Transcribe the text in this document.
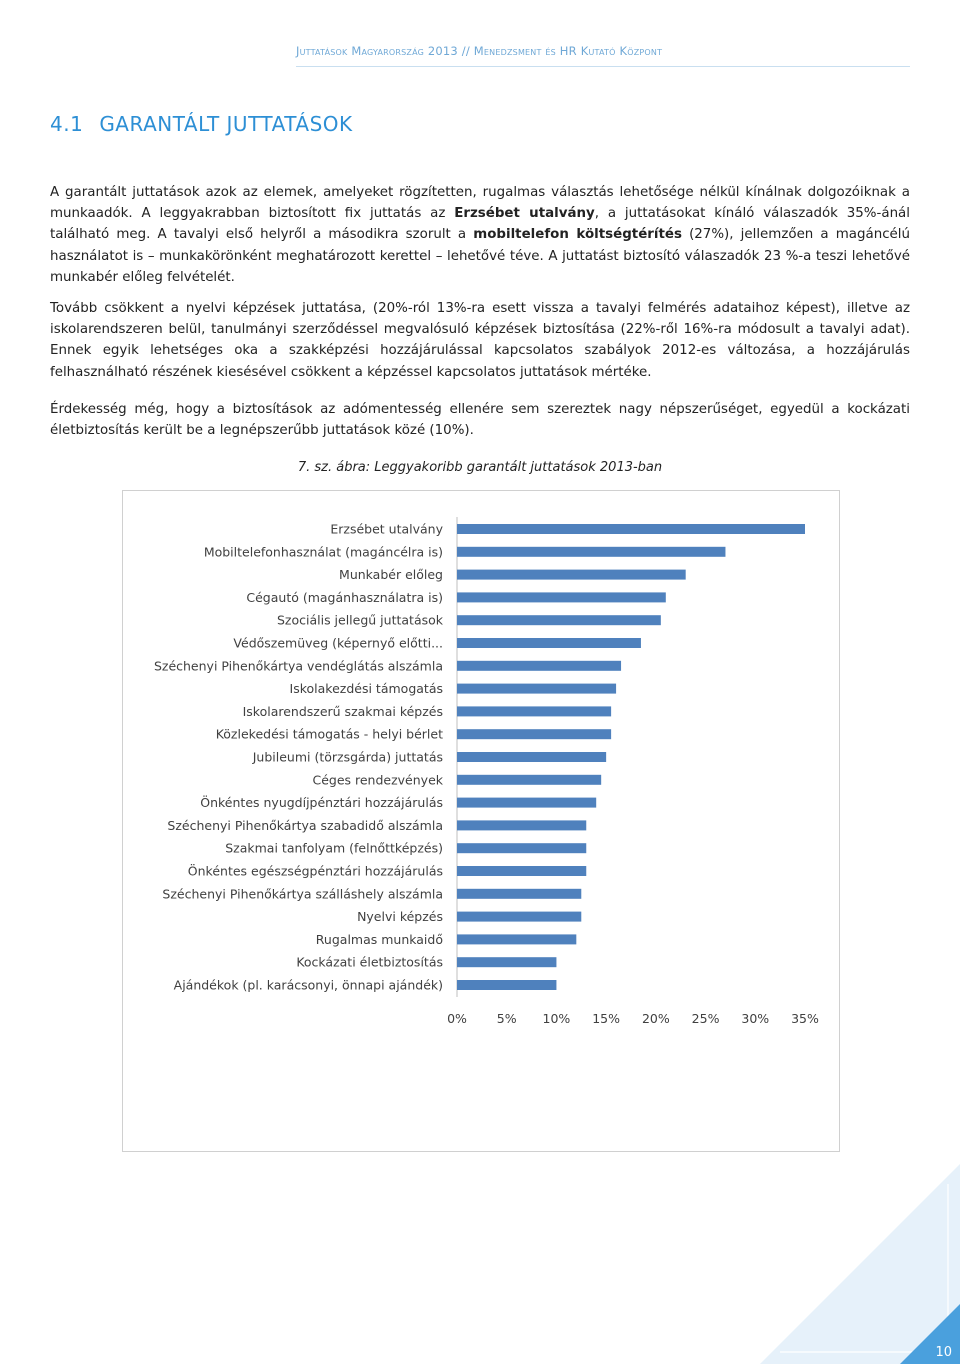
Juttatások Magyarország 2013 // Menedzsment és HR Kutató Központ
4.1 GARANTÁLT JUTTATÁSOK

A garantált juttatások azok az elemek, amelyeket rögzítetten, rugalmas választás lehetősége nélkül kínálnak dolgozóiknak a munkaadók. A leggyakrabban biztosított fix juttatás az Erzsébet utalvány, a juttatásokat kínáló válaszadók 35%-ánál található meg. A tavalyi első helyről a másodikra szorult a mobiltelefon költségtérítés (27%), jellemzően a magáncélú használatot is – munkakörönként meghatározott kerettel – lehetővé téve. A juttatást biztosító válaszadók 23 %-a teszi lehetővé munkabér előleg felvételét.

Tovább csökkent a nyelvi képzések juttatása, (20%-ról 13%-ra esett vissza a tavalyi felmérés adataihoz képest), illetve az iskolarendszeren belül, tanulmányi szerződéssel megvalósuló képzések biztosítása (22%-ről 16%-ra módosult a tavalyi adat). Ennek egyik lehetséges oka a szakképzési hozzájárulással kapcsolatos szabályok 2012-es változása, a hozzájárulás felhasználható részének kiesésével csökkent a képzéssel kapcsolatos juttatások mértéke.

Érdekesség még, hogy a biztosítások az adómentesség ellenére sem szereztek nagy népszerűséget, egyedül a kockázati életbiztosítás került be a legnépszerűbb juttatások közé (10%).

7. sz. ábra: Leggyakoribb garantált juttatások 2013-ban
Erzsébet utalvány
Mobiltelefonhasználat (magáncélra is)
Munkabér előleg
Cégautó (magánhasználatra is)
Szociális jellegű juttatások
Védőszemüveg (képernyő előtti...
Széchenyi Pihenőkártya vendéglátás alszámla
Iskolakezdési támogatás
Iskolarendszerű szakmai képzés
Közlekedési támogatás - helyi bérlet
Jubileumi (törzsgárda) juttatás
Céges rendezvények
Önkéntes nyugdíjpénztári hozzájárulás
Széchenyi Pihenőkártya szabadidő alszámla
Szakmai tanfolyam (felnőttképzés)
Önkéntes egészségpénztári hozzájárulás
Széchenyi Pihenőkártya szálláshely alszámla
Nyelvi képzés
Rugalmas munkaidő
Kockázati életbiztosítás
Ajándékok (pl. karácsonyi, önnapi ajándék)
0% 5% 10% 15% 20% 25% 30% 35%
10
